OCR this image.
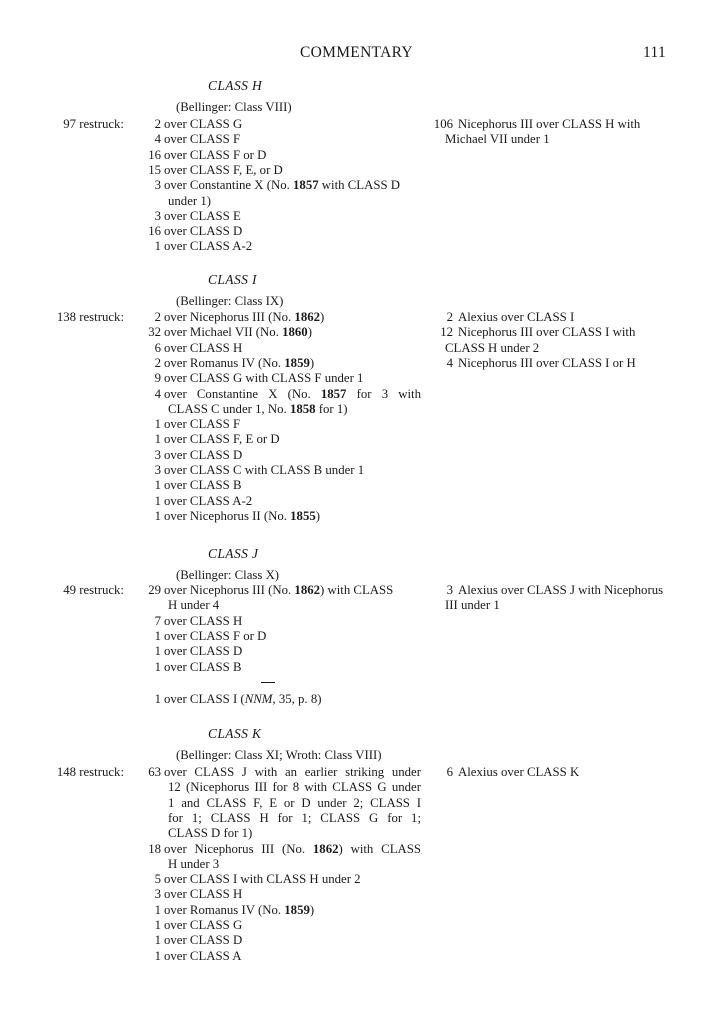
COMMENTARY	111
CLASS H
(Bellinger: Class VIII)
97 restruck:	2 over CLASS G
4 over CLASS F
16 over CLASS F or D
15 over CLASS F, E, or D
3 over Constantine X (No. 1857 with CLASS D
under 1)
3 over CLASS E
16 over CLASS D
1 over CLASS A-2
106 Nicephorus III over CLASS H with
Michael VII under 1
CLASS I
(Bellinger: Class IX)
138 restruck:	2 over Nicephorus III (No. 1862)
32 over Michael VII (No. 1860)
6 over CLASS H
2 over Romanus IV (No. 1859)
9 over CLASS G with CLASS F under 1
4 over Constantine X (No. 1857 for 3 with
CLASS C under 1, No. 1858 for 1)
1 over CLASS F
1 over CLASS F, E or D
3 over CLASS D
3 over CLASS C with CLASS B under 1
1 over CLASS B
1 over CLASS A-2
1 over Nicephorus II (No. 1855)
2 Alexius over CLASS I
12 Nicephorus III over CLASS I with
CLASS H under 2
4 Nicephorus III over CLASS I or H
CLASS J
(Bellinger: Class X)
49 restruck:	29 over Nicephorus III (No. 1862) with CLASS
H under 4
7 over CLASS H
1 over CLASS F or D
1 over CLASS D
1 over CLASS B
1 over CLASS I (NNM, 35, p. 8)
3 Alexius over CLASS J with Nicephorus
III under 1
CLASS K
(Bellinger: Class XI; Wroth: Class VIII)
148 restruck:	63 over CLASS J with an earlier striking under
12 (Nicephorus III for 8 with CLASS G under
1 and CLASS F, E or D under 2; CLASS I
for 1; CLASS H for 1; CLASS G for 1;
CLASS D for 1)
18 over Nicephorus III (No. 1862) with CLASS
H under 3
5 over CLASS I with CLASS H under 2
3 over CLASS H
1 over Romanus IV (No. 1859)
1 over CLASS G
1 over CLASS D
1 over CLASS A
6 Alexius over CLASS K
